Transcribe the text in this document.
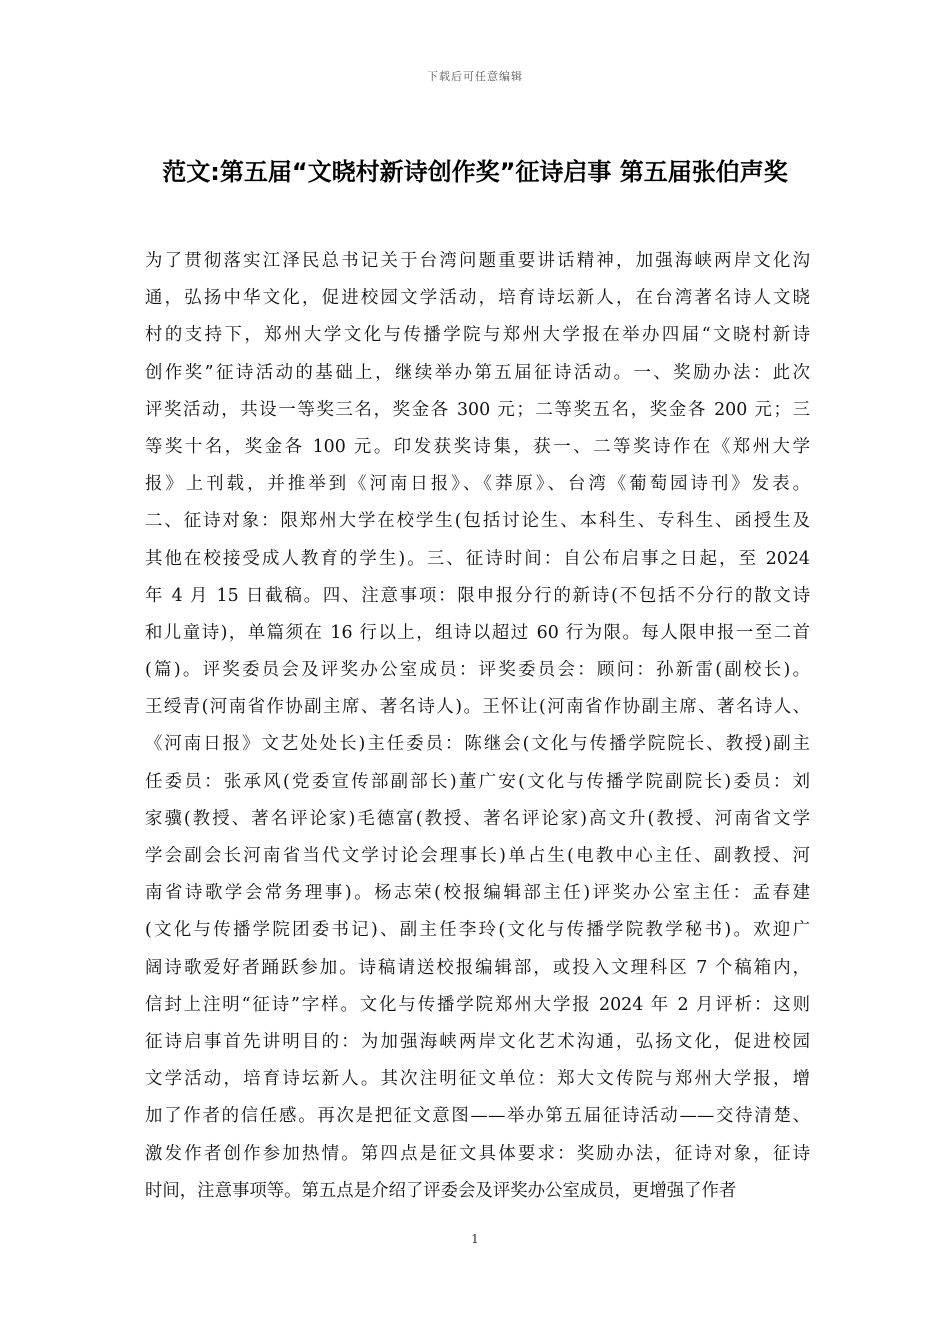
下载后可任意编辑
范文:第五届“文晓村新诗创作奖”征诗启事 第五届张伯声奖
为了贯彻落实江泽民总书记关于台湾问题重要讲话精神，加强海峡两岸文化沟
通，弘扬中华文化，促进校园文学活动，培育诗坛新人，在台湾著名诗人文晓
村的支持下，郑州大学文化与传播学院与郑州大学报在举办四届“文晓村新诗
创作奖”征诗活动的基础上，继续举办第五届征诗活动。一、奖励办法：此次
评奖活动，共设一等奖三名，奖金各 300 元；二等奖五名，奖金各 200 元；三
等奖十名，奖金各 100 元。印发获奖诗集，获一、二等奖诗作在《郑州大学
报》上刊载，并推举到《河南日报》、《莽原》、台湾《葡萄园诗刊》发表。
二、征诗对象：限郑州大学在校学生(包括讨论生、本科生、专科生、函授生及
其他在校接受成人教育的学生)。三、征诗时间：自公布启事之日起，至 2024
年 4 月 15 日截稿。四、注意事项：限申报分行的新诗(不包括不分行的散文诗
和儿童诗)，单篇须在 16 行以上，组诗以超过 60 行为限。每人限申报一至二首
(篇)。评奖委员会及评奖办公室成员：评奖委员会：顾问：孙新雷(副校长)。
王绶青(河南省作协副主席、著名诗人)。王怀让(河南省作协副主席、著名诗人、
《河南日报》文艺处处长)主任委员：陈继会(文化与传播学院院长、教授)副主
任委员：张承风(党委宣传部副部长)董广安(文化与传播学院副院长)委员：刘
家骥(教授、著名评论家)毛德富(教授、著名评论家)高文升(教授、河南省文学
学会副会长河南省当代文学讨论会理事长)单占生(电教中心主任、副教授、河
南省诗歌学会常务理事)。杨志荣(校报编辑部主任)评奖办公室主任：孟春建
(文化与传播学院团委书记)、副主任李玲(文化与传播学院教学秘书)。欢迎广
阔诗歌爱好者踊跃参加。诗稿请送校报编辑部，或投入文理科区 7 个稿箱内，
信封上注明“征诗”字样。文化与传播学院郑州大学报 2024 年 2 月评析：这则
征诗启事首先讲明目的：为加强海峡两岸文化艺术沟通，弘扬文化，促进校园
文学活动，培育诗坛新人。其次注明征文单位：郑大文传院与郑州大学报，增
加了作者的信任感。再次是把征文意图——举办第五届征诗活动——交待清楚、
激发作者创作参加热情。第四点是征文具体要求：奖励办法，征诗对象，征诗
时间，注意事项等。第五点是介绍了评委会及评奖办公室成员，更增强了作者
1
